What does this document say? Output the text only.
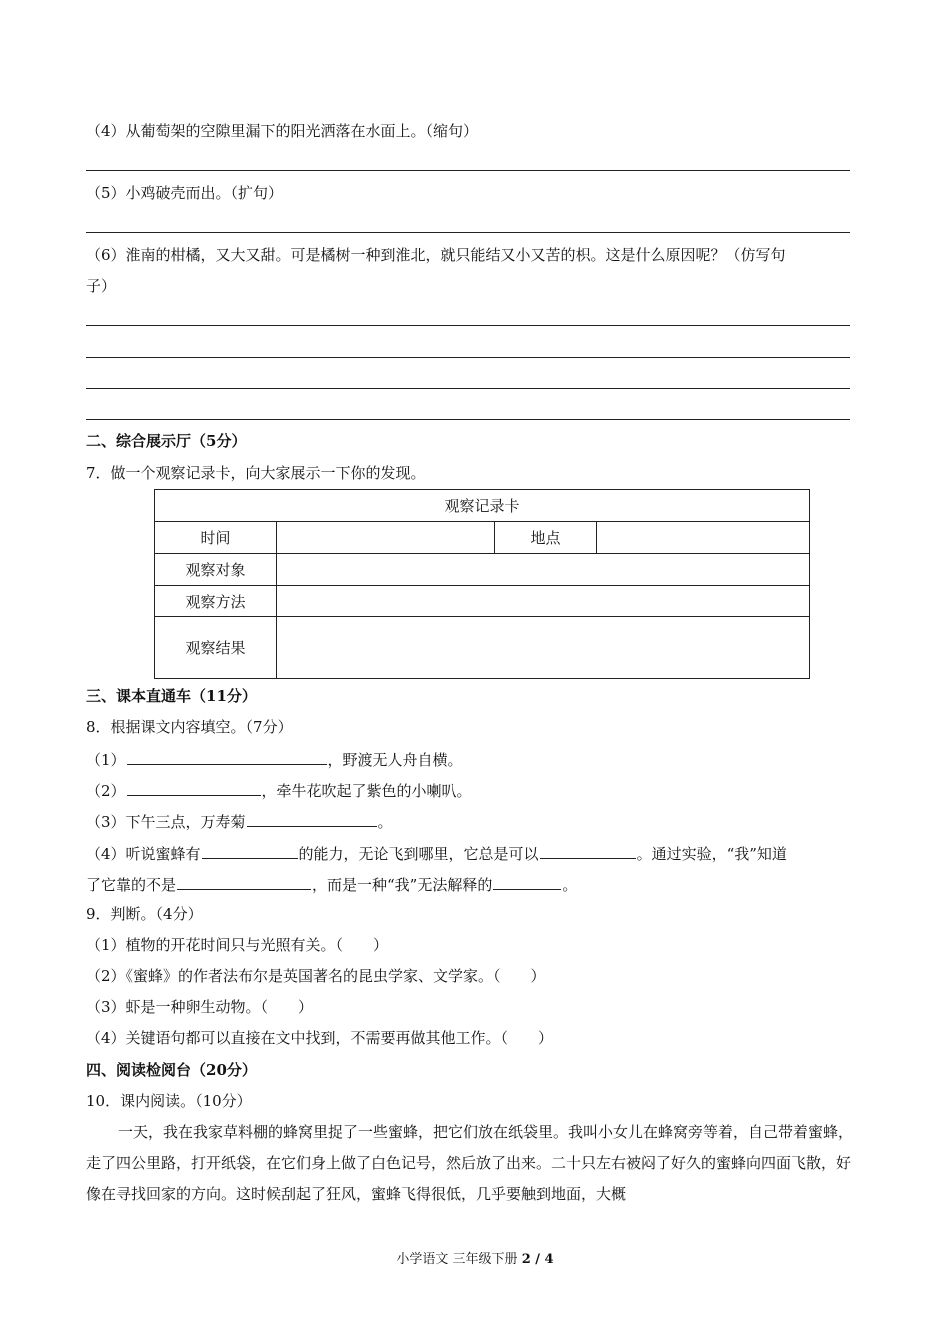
（4）从葡萄架的空隙里漏下的阳光洒落在水面上。（缩句）
（5）小鸡破壳而出。（扩句）
（6）淮南的柑橘，又大又甜。可是橘树一种到淮北，就只能结又小又苦的枳。这是什么原因呢？（仿写句
子）
二、综合展示厅（5分）
7．做一个观察记录卡，向大家展示一下你的发现。
观察记录卡			
时间		地点	
观察对象			
观察方法			
观察结果			
三、课本直通车（11分）
8．根据课文内容填空。（7分）
（1）	，野渡无人舟自横。
（2）	，牵牛花吹起了紫色的小喇叭。
（3）下午三点，万寿菊	。
（4）听说蜜蜂有	的能力，无论飞到哪里，它总是可以	。通过实验，“我”知道
了它靠的不是	，而是一种“我”无法解释的	。
9．判断。（4分）
（1）植物的开花时间只与光照有关。（　　）
（2）《蜜蜂》的作者法布尔是英国著名的昆虫学家、文学家。（　　）
（3）虾是一种卵生动物。（　　）
（4）关键语句都可以直接在文中找到，不需要再做其他工作。（　　）
四、阅读检阅台（20分）
10．课内阅读。（10分）
一天，我在我家草料棚的蜂窝里捉了一些蜜蜂，把它们放在纸袋里。我叫小女儿在蜂窝旁等着，自己带着蜜蜂，走了四公里路，打开纸袋，在它们身上做了白色记号，然后放了出来。二十只左右被闷了好久的蜜蜂向四面飞散，好像在寻找回家的方向。这时候刮起了狂风，蜜蜂飞得很低，几乎要触到地面，大概
小学语文 三年级下册 2 / 4
